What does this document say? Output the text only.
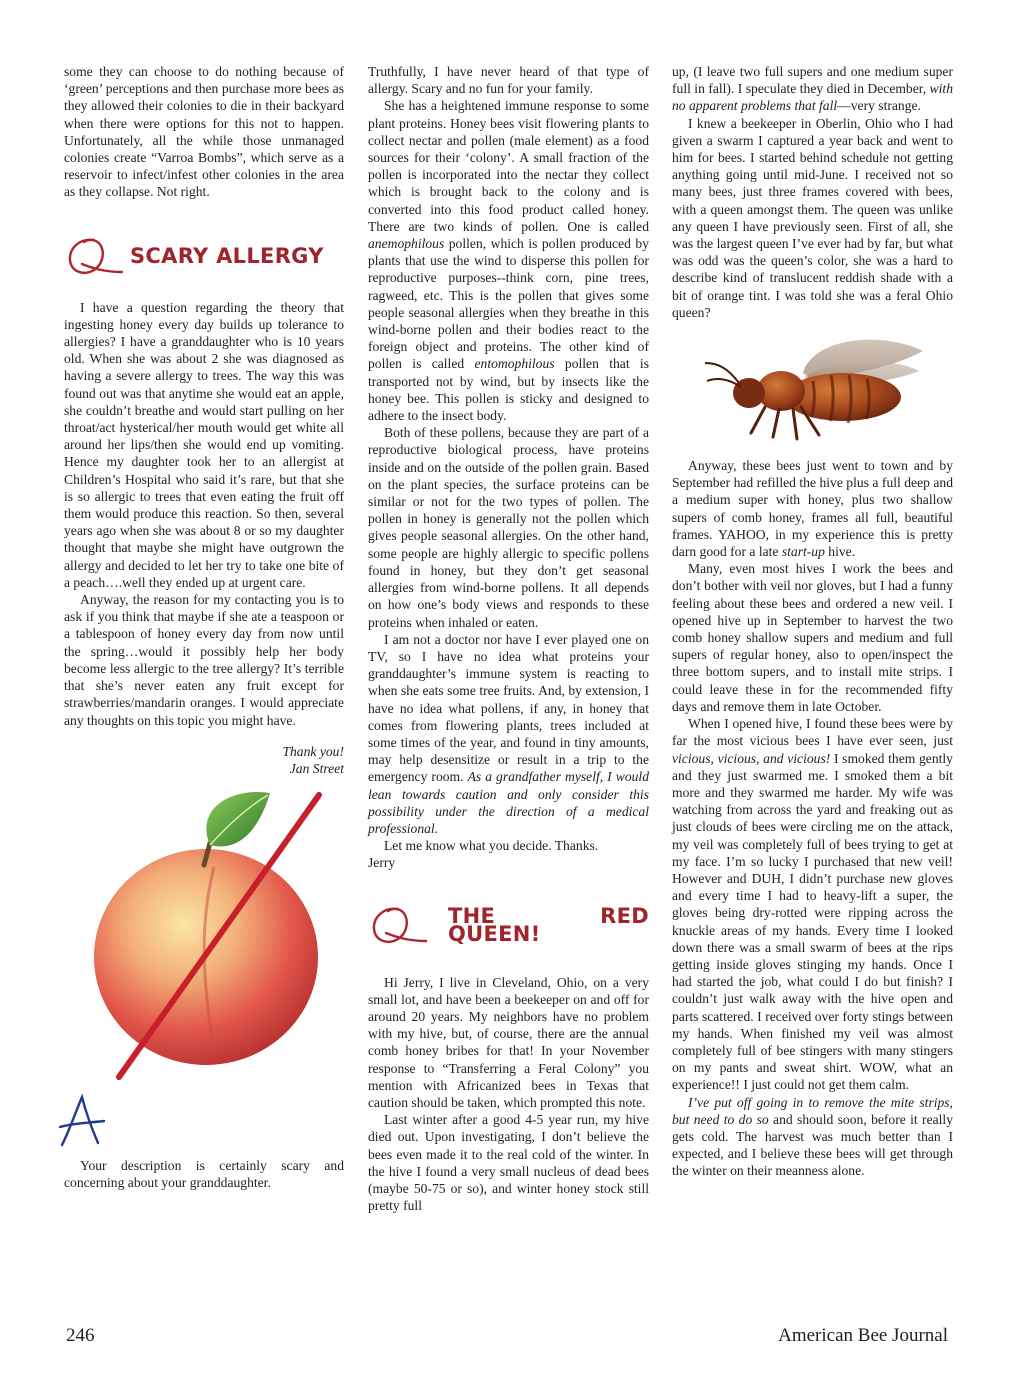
some they can choose to do nothing because of ‘green’ perceptions and then purchase more bees as they allowed their colonies to die in their backyard when there were options for this not to happen. Unfortunately, all the while those unmanaged colonies create “Varroa Bombs”, which serve as a reservoir to infect/infest other colonies in the area as they collapse. Not right.

Q
SCARY ALLERGY

I have a question regarding the theory that ingesting honey every day builds up tolerance to allergies? I have a granddaughter who is 10 years old. When she was about 2 she was diagnosed as having a severe allergy to trees. The way this was found out was that anytime she would eat an apple, she couldn’t breathe and would start pulling on her throat/act hysterical/her mouth would get white all around her lips/then she would end up vomiting. Hence my daughter took her to an allergist at Children’s Hospital who said it’s rare, but that she is so allergic to trees that even eating the fruit off them would produce this reaction. So then, several years ago when she was about 8 or so my daughter thought that maybe she might have outgrown the allergy and decided to let her try to take one bite of a peach….well they ended up at urgent care.

Anyway, the reason for my contacting you is to ask if you think that maybe if she ate a teaspoon or a tablespoon of honey every day from now until the spring…would it possibly help her body become less allergic to the tree allergy? It’s terrible that she’s never eaten any fruit except for strawberries/mandarin oranges. I would appreciate any thoughts on this topic you might have.

Thank you!

Jan Street

A

Your description is certainly scary and concerning about your granddaughter.

Truthfully, I have never heard of that type of allergy. Scary and no fun for your family.

She has a heightened immune response to some plant proteins. Honey bees visit flowering plants to collect nectar and pollen (male element) as a food sources for their ‘colony’. A small fraction of the pollen is incorporated into the nectar they collect which is brought back to the colony and is converted into this food product called honey. There are two kinds of pollen. One is called anemophilous pollen, which is pollen produced by plants that use the wind to disperse this pollen for reproductive purposes--think corn, pine trees, ragweed, etc. This is the pollen that gives some people seasonal allergies when they breathe in this wind-borne pollen and their bodies react to the foreign object and proteins. The other kind of pollen is called entomophilous pollen that is transported not by wind, but by insects like the honey bee. This pollen is sticky and designed to adhere to the insect body.

Both of these pollens, because they are part of a reproductive biological process, have proteins inside and on the outside of the pollen grain. Based on the plant species, the surface proteins can be similar or not for the two types of pollen. The pollen in honey is generally not the pollen which gives people seasonal allergies. On the other hand, some people are highly allergic to specific pollens found in honey, but they don’t get seasonal allergies from wind-borne pollens. It all depends on how one’s body views and responds to these proteins when inhaled or eaten.

I am not a doctor nor have I ever played one on TV, so I have no idea what proteins your granddaughter’s immune system is reacting to when she eats some tree fruits. And, by extension, I have no idea what pollens, if any, in honey that comes from flowering plants, trees included at some times of the year, and found in tiny amounts, may help desensitize or result in a trip to the emergency room. As a grandfather myself, I would lean towards caution and only consider this possibility under the direction of a medical professional.

Let me know what you decide. Thanks.

Jerry

Q
THE RED QUEEN!

Hi Jerry, I live in Cleveland, Ohio, on a very small lot, and have been a beekeeper on and off for around 20 years. My neighbors have no problem with my hive, but, of course, there are the annual comb honey bribes for that! In your November response to “Transferring a Feral Colony” you mention with Africanized bees in Texas that caution should be taken, which prompted this note.

Last winter after a good 4-5 year run, my hive died out. Upon investigating, I don’t believe the bees even made it to the real cold of the winter. In the hive I found a very small nucleus of dead bees (maybe 50-75 or so), and winter honey stock still pretty full

up, (I leave two full supers and one medium super full in fall). I speculate they died in December, with no apparent problems that fall—very strange.

I knew a beekeeper in Oberlin, Ohio who I had given a swarm I captured a year back and went to him for bees. I started behind schedule not getting anything going until mid-June. I received not so many bees, just three frames covered with bees, with a queen amongst them. The queen was unlike any queen I have previously seen. First of all, she was the largest queen I’ve ever had by far, but what was odd was the queen’s color, she was a hard to describe kind of translucent reddish shade with a bit of orange tint. I was told she was a feral Ohio queen?

Anyway, these bees just went to town and by September had refilled the hive plus a full deep and a medium super with honey, plus two shallow supers of comb honey, frames all full, beautiful frames. YAHOO, in my experience this is pretty darn good for a late start-up hive.

Many, even most hives I work the bees and don’t bother with veil nor gloves, but I had a funny feeling about these bees and ordered a new veil. I opened hive up in September to harvest the two comb honey shallow supers and medium and full supers of regular honey, also to open/inspect the three bottom supers, and to install mite strips. I could leave these in for the recommended fifty days and remove them in late October.

When I opened hive, I found these bees were by far the most vicious bees I have ever seen, just vicious, vicious, and vicious! I smoked them gently and they just swarmed me. I smoked them a bit more and they swarmed me harder. My wife was watching from across the yard and freaking out as just clouds of bees were circling me on the attack, my veil was completely full of bees trying to get at my face. I’m so lucky I purchased that new veil! However and DUH, I didn’t purchase new gloves and every time I had to heavy-lift a super, the gloves being dry-rotted were ripping across the knuckle areas of my hands. Every time I looked down there was a small swarm of bees at the rips getting inside gloves stinging my hands. Once I had started the job, what could I do but finish? I couldn’t just walk away with the hive open and parts scattered. I received over forty stings between my hands. When finished my veil was almost completely full of bee stingers with many stingers on my pants and sweat shirt. WOW, what an experience!! I just could not get them calm.

I’ve put off going in to remove the mite strips, but need to do so and should soon, before it really gets cold. The harvest was much better than I expected, and I believe these bees will get through the winter on their meanness alone.

246	American Bee Journal
